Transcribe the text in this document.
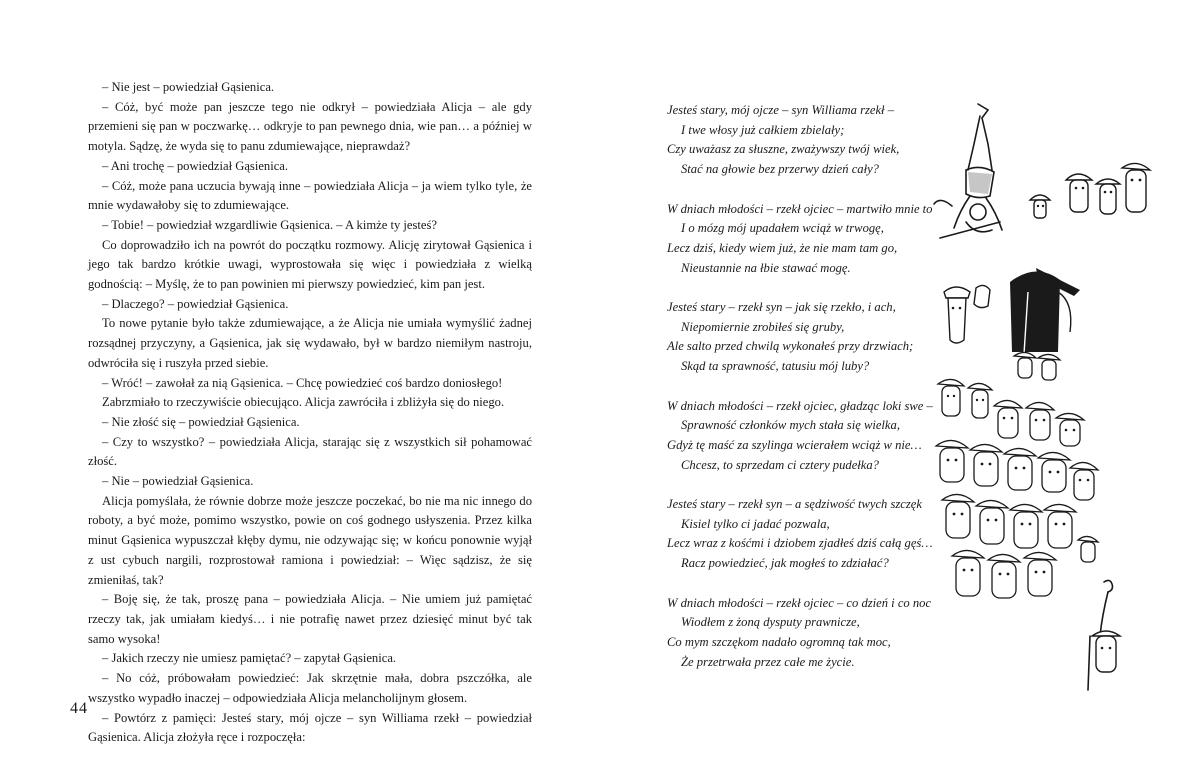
– Nie jest – powiedział Gąsienica.

– Cóż, być może pan jeszcze tego nie odkrył – powiedziała Alicja – ale gdy przemieni się pan w poczwarkę… odkryje to pan pewnego dnia, wie pan… a później w motyla. Sądzę, że wyda się to panu zdumiewające, nieprawdaż?

– Ani trochę – powiedział Gąsienica.

– Cóż, może pana uczucia bywają inne – powiedziała Alicja – ja wiem tylko tyle, że mnie wydawałoby się to zdumiewające.

– Tobie! – powiedział wzgardliwie Gąsienica. – A kimże ty jesteś?

Co doprowadziło ich na powrót do początku rozmowy. Alicję zirytował Gąsienica i jego tak bardzo krótkie uwagi, wyprostowała się więc i powiedziała z wielką godnością: – Myślę, że to pan powinien mi pierwszy powiedzieć, kim pan jest.

– Dlaczego? – powiedział Gąsienica.

To nowe pytanie było także zdumiewające, a że Alicja nie umiała wymyślić żadnej rozsądnej przyczyny, a Gąsienica, jak się wydawało, był w bardzo niemiłym nastroju, odwróciła się i ruszyła przed siebie.

– Wróć! – zawołał za nią Gąsienica. – Chcę powiedzieć coś bardzo doniosłego!

Zabrzmiało to rzeczywiście obiecująco. Alicja zawróciła i zbliżyła się do niego.

– Nie złość się – powiedział Gąsienica.

– Czy to wszystko? – powiedziała Alicja, starając się z wszystkich sił pohamować złość.

– Nie – powiedział Gąsienica.

Alicja pomyślała, że równie dobrze może jeszcze poczekać, bo nie ma nic innego do roboty, a być może, pomimo wszystko, powie on coś godnego usłyszenia. Przez kilka minut Gąsienica wypuszczał kłęby dymu, nie odzywając się; w końcu ponownie wyjął z ust cybuch nargili, rozprostował ramiona i powiedział: – Więc sądzisz, że się zmieniłaś, tak?

– Boję się, że tak, proszę pana – powiedziała Alicja. – Nie umiem już pamiętać rzeczy tak, jak umiałam kiedyś… i nie potrafię nawet przez dziesięć minut być tak samo wysoka!

– Jakich rzeczy nie umiesz pamiętać? – zapytał Gąsienica.

– No cóż, próbowałam powiedzieć: Jak skrzętnie mała, dobra pszczółka, ale wszystko wypadło inaczej – odpowiedziała Alicja melancholijnym głosem.

– Powtórz z pamięci: Jesteś stary, mój ojcze – syn Williama rzekł – powiedział Gąsienica. Alicja złożyła ręce i rozpoczęła:

44
Jesteś stary, mój ojcze – syn Williama rzekł –
I twe włosy już całkiem zbielały;
Czy uważasz za słuszne, zważywszy twój wiek,
Stać na głowie bez przerwy dzień cały?
W dniach młodości – rzekł ojciec – martwiło mnie to
I o mózg mój upadałem wciąż w trwogę,
Lecz dziś, kiedy wiem już, że nie mam tam go,
Nieustannie na łbie stawać mogę.
Jesteś stary – rzekł syn – jak się rzekło, i ach,
Niepomiernie zrobiłeś się gruby,
Ale salto przed chwilą wykonałeś przy drzwiach;
Skąd ta sprawność, tatusiu mój luby?
W dniach młodości – rzekł ojciec, gładząc loki swe –
Sprawność członków mych stała się wielka,
Gdyż tę maść za szylinga wcierałem wciąż w nie…
Chcesz, to sprzedam ci cztery pudełka?
Jesteś stary – rzekł syn – a sędziwość twych szczęk
Kisiel tylko ci jadać pozwala,
Lecz wraz z kośćmi i dziobem zjadłeś dziś całą gęś…
Racz powiedzieć, jak mogłeś to zdziałać?
W dniach młodości – rzekł ojciec – co dzień i co noc
Wiodłem z żoną dysputy prawnicze,
Co mym szczękom nadało ogromną tak moc,
Że przetrwała przez całe me życie.
